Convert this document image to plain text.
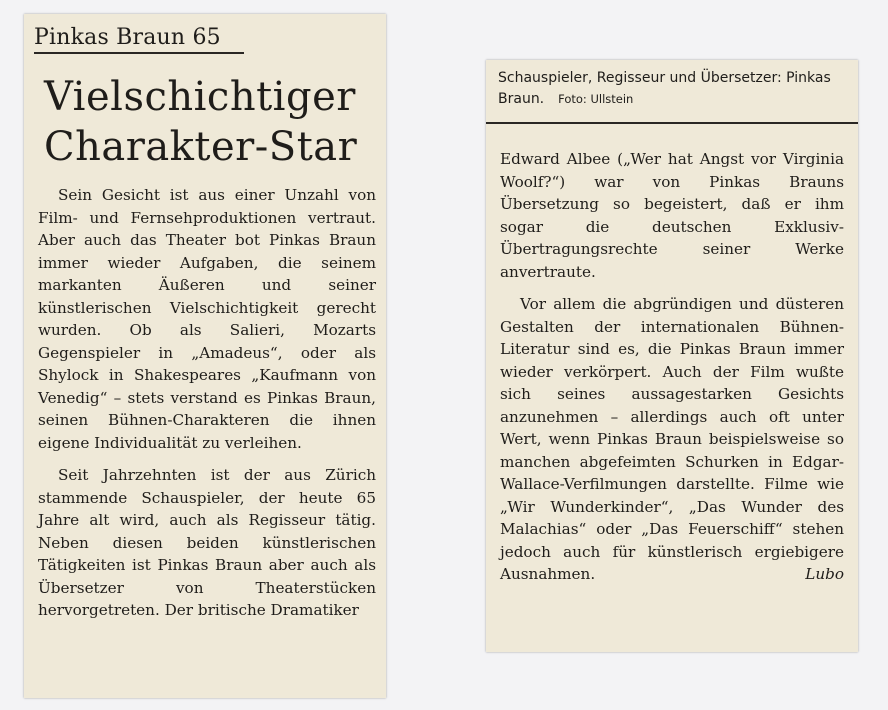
Pinkas Braun 65
Vielschichtiger
Charakter-Star

Sein Gesicht ist aus einer Unzahl von Film- und Fernsehproduktionen vertraut. Aber auch das Theater bot Pinkas Braun immer wieder Aufgaben, die seinem markanten Äußeren und seiner künstlerischen Vielschichtigkeit gerecht wurden. Ob als Salieri, Mozarts Gegenspieler in „Amadeus“, oder als Shylock in Shakespeares „Kaufmann von Venedig“ – stets verstand es Pinkas Braun, seinen Bühnen-Charakteren die ihnen eigene Individualität zu verleihen.

Seit Jahrzehnten ist der aus Zürich stammende Schauspieler, der heute 65 Jahre alt wird, auch als Regisseur tätig. Neben diesen beiden künstlerischen Tätigkeiten ist Pinkas Braun aber auch als Übersetzer von Theaterstücken hervorgetreten. Der britische Dramatiker

Schauspieler, Regisseur und Übersetzer: Pinkas Braun. Foto: Ullstein

Edward Albee („Wer hat Angst vor Virginia Woolf?“) war von Pinkas Brauns Übersetzung so begeistert, daß er ihm sogar die deutschen Exklusiv-Übertragungsrechte seiner Werke anvertraute.

Vor allem die abgründigen und düsteren Gestalten der internationalen Bühnen-Literatur sind es, die Pinkas Braun immer wieder verkörpert. Auch der Film wußte sich seines aussagestarken Gesichts anzunehmen – allerdings auch oft unter Wert, wenn Pinkas Braun beispielsweise so manchen abgefeimten Schurken in Edgar-Wallace-Verfilmungen darstellte. Filme wie „Wir Wunderkinder“, „Das Wunder des Malachias“ oder „Das Feuerschiff“ stehen jedoch auch für künstlerisch ergiebigere Ausnahmen.	Lubo
